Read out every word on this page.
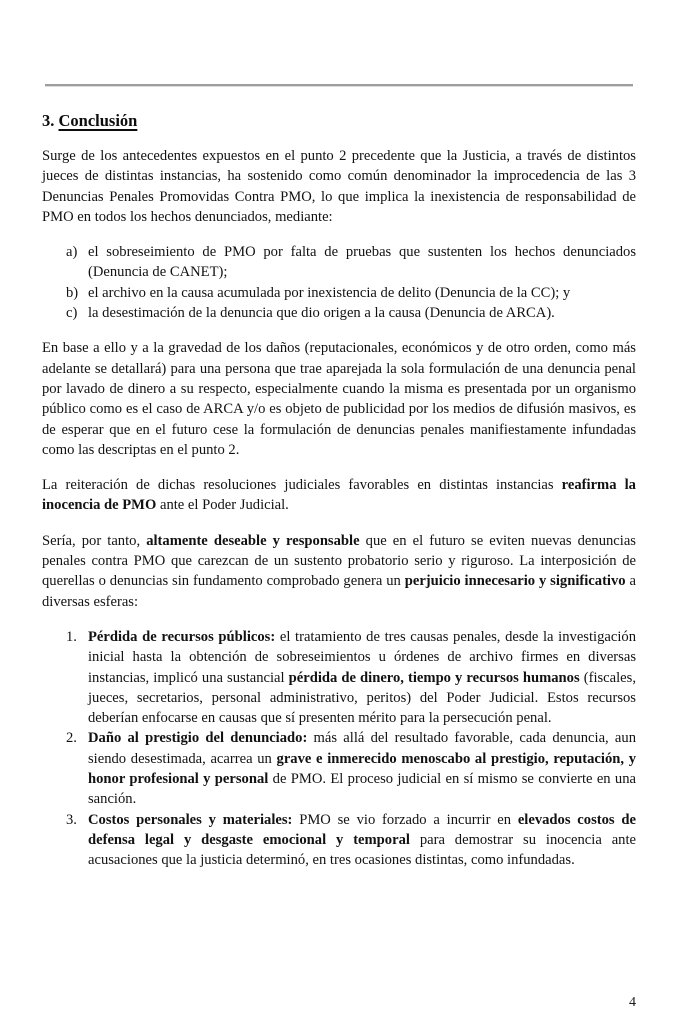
3. Conclusión

Surge de los antecedentes expuestos en el punto 2 precedente que la Justicia, a través de distintos jueces de distintas instancias, ha sostenido como común denominador la improcedencia de las 3 Denuncias Penales Promovidas Contra PMO, lo que implica la inexistencia de responsabilidad de PMO en todos los hechos denunciados, mediante:

a) el sobreseimiento de PMO por falta de pruebas que sustenten los hechos denunciados (Denuncia de CANET);
b) el archivo en la causa acumulada por inexistencia de delito (Denuncia de la CC); y
c) la desestimación de la denuncia que dio origen a la causa (Denuncia de ARCA).

En base a ello y a la gravedad de los daños (reputacionales, económicos y de otro orden, como más adelante se detallará) para una persona que trae aparejada la sola formulación de una denuncia penal por lavado de dinero a su respecto, especialmente cuando la misma es presentada por un organismo público como es el caso de ARCA y/o es objeto de publicidad por los medios de difusión masivos, es de esperar que en el futuro cese la formulación de denuncias penales manifiestamente infundadas como las descriptas en el punto 2.

La reiteración de dichas resoluciones judiciales favorables en distintas instancias reafirma la inocencia de PMO ante el Poder Judicial.

Sería, por tanto, altamente deseable y responsable que en el futuro se eviten nuevas denuncias penales contra PMO que carezcan de un sustento probatorio serio y riguroso. La interposición de querellas o denuncias sin fundamento comprobado genera un perjuicio innecesario y significativo a diversas esferas:

1. Pérdida de recursos públicos: el tratamiento de tres causas penales, desde la investigación inicial hasta la obtención de sobreseimientos u órdenes de archivo firmes en diversas instancias, implicó una sustancial pérdida de dinero, tiempo y recursos humanos (fiscales, jueces, secretarios, personal administrativo, peritos) del Poder Judicial. Estos recursos deberían enfocarse en causas que sí presenten mérito para la persecución penal.
2. Daño al prestigio del denunciado: más allá del resultado favorable, cada denuncia, aun siendo desestimada, acarrea un grave e inmerecido menoscabo al prestigio, reputación, y honor profesional y personal de PMO. El proceso judicial en sí mismo se convierte en una sanción.
3. Costos personales y materiales: PMO se vio forzado a incurrir en elevados costos de defensa legal y desgaste emocional y temporal para demostrar su inocencia ante acusaciones que la justicia determinó, en tres ocasiones distintas, como infundadas.
4
